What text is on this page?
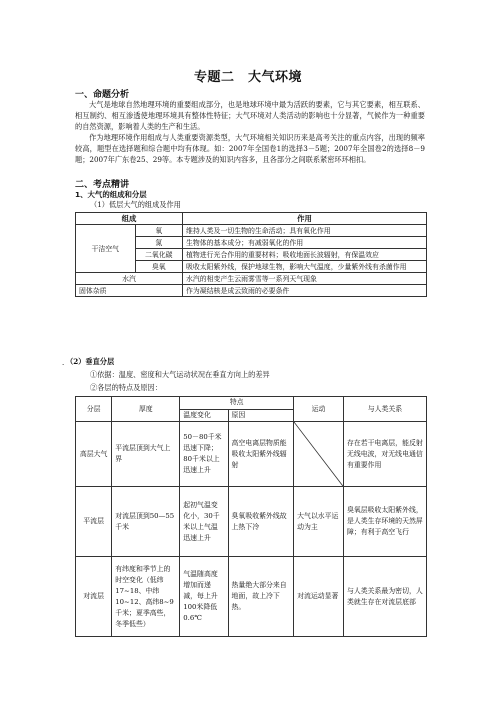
专题二　大气环境
一、命题分析
大气是地球自然地理环境的重要组成部分，也是地球环境中最为活跃的要素，它与其它要素，相互联系、相互制约、相互渗透使地理环境具有整体性特征；大气环境对人类活动的影响也十分显著，气候作为一种重要的自然资源，影响着人类的生产和生活。
作为地理环境作用组成与人类重要资源类型，大气环境相关知识历来是高考关注的重点内容，出现的频率较高，题型在选择题和综合题中均有体现。如：2007年全国卷1的选择3－5题；2007年全国卷2的选择8－9题；2007年广东卷25、29等。本专题涉及的知识内容多，且各部分之间联系紧密环环相扣。
二、考点精讲
1、大气的组成和分层
（1）低层大气的组成及作用
组成		作用
干洁空气	氧	维持人类及一切生物的生命活动；具有氧化作用
	氮	生物体的基本成分；有减弱氧化的作用
	二氧化碳	植物进行光合作用的重要材料；吸收地面长波辐射，有保温效应
	臭氧	吸收太阳紫外线，保护地球生物，影响大气温度，少量紫外线有杀菌作用

水汽		水汽的相变产生云雨雾雪等一系列天气现象
固体杂质		作为凝结核是成云致雨的必要条件
. （2）垂直分层
①依据：温度、密度和大气运动状况在垂直方向上的差异
②各层的特点及原因：
分层	厚度	特点		运动	与人类关系
		温度变化	原因		
高层大气	平流层顶到大气上界	50－80千米迅速下降；80千米以上迅速上升	高空电离层物质能吸收太阳紫外线辐射		存在若干电离层，能反射无线电波，对无线电通信有重要作用
平流层	对流层顶到50—55千米	起初气温变化小，30千米以上气温迅速上升	臭氧吸收紫外线故上热下冷	大气以水平运动为主	臭氧层吸收太阳紫外线，是人类生存环境的天然屏障；有利于高空飞行
对流层	有纬度和季节上的时空变化（低纬17~18、中纬10~12、高纬8~9千米；夏季高些，冬季低些）	气温随高度增加而递减，每上升100米降低0.6℃	热量绝大部分来自地面，故上冷下热。	对流运动显著	与人类关系最为密切，人类就生存在对流层底部
